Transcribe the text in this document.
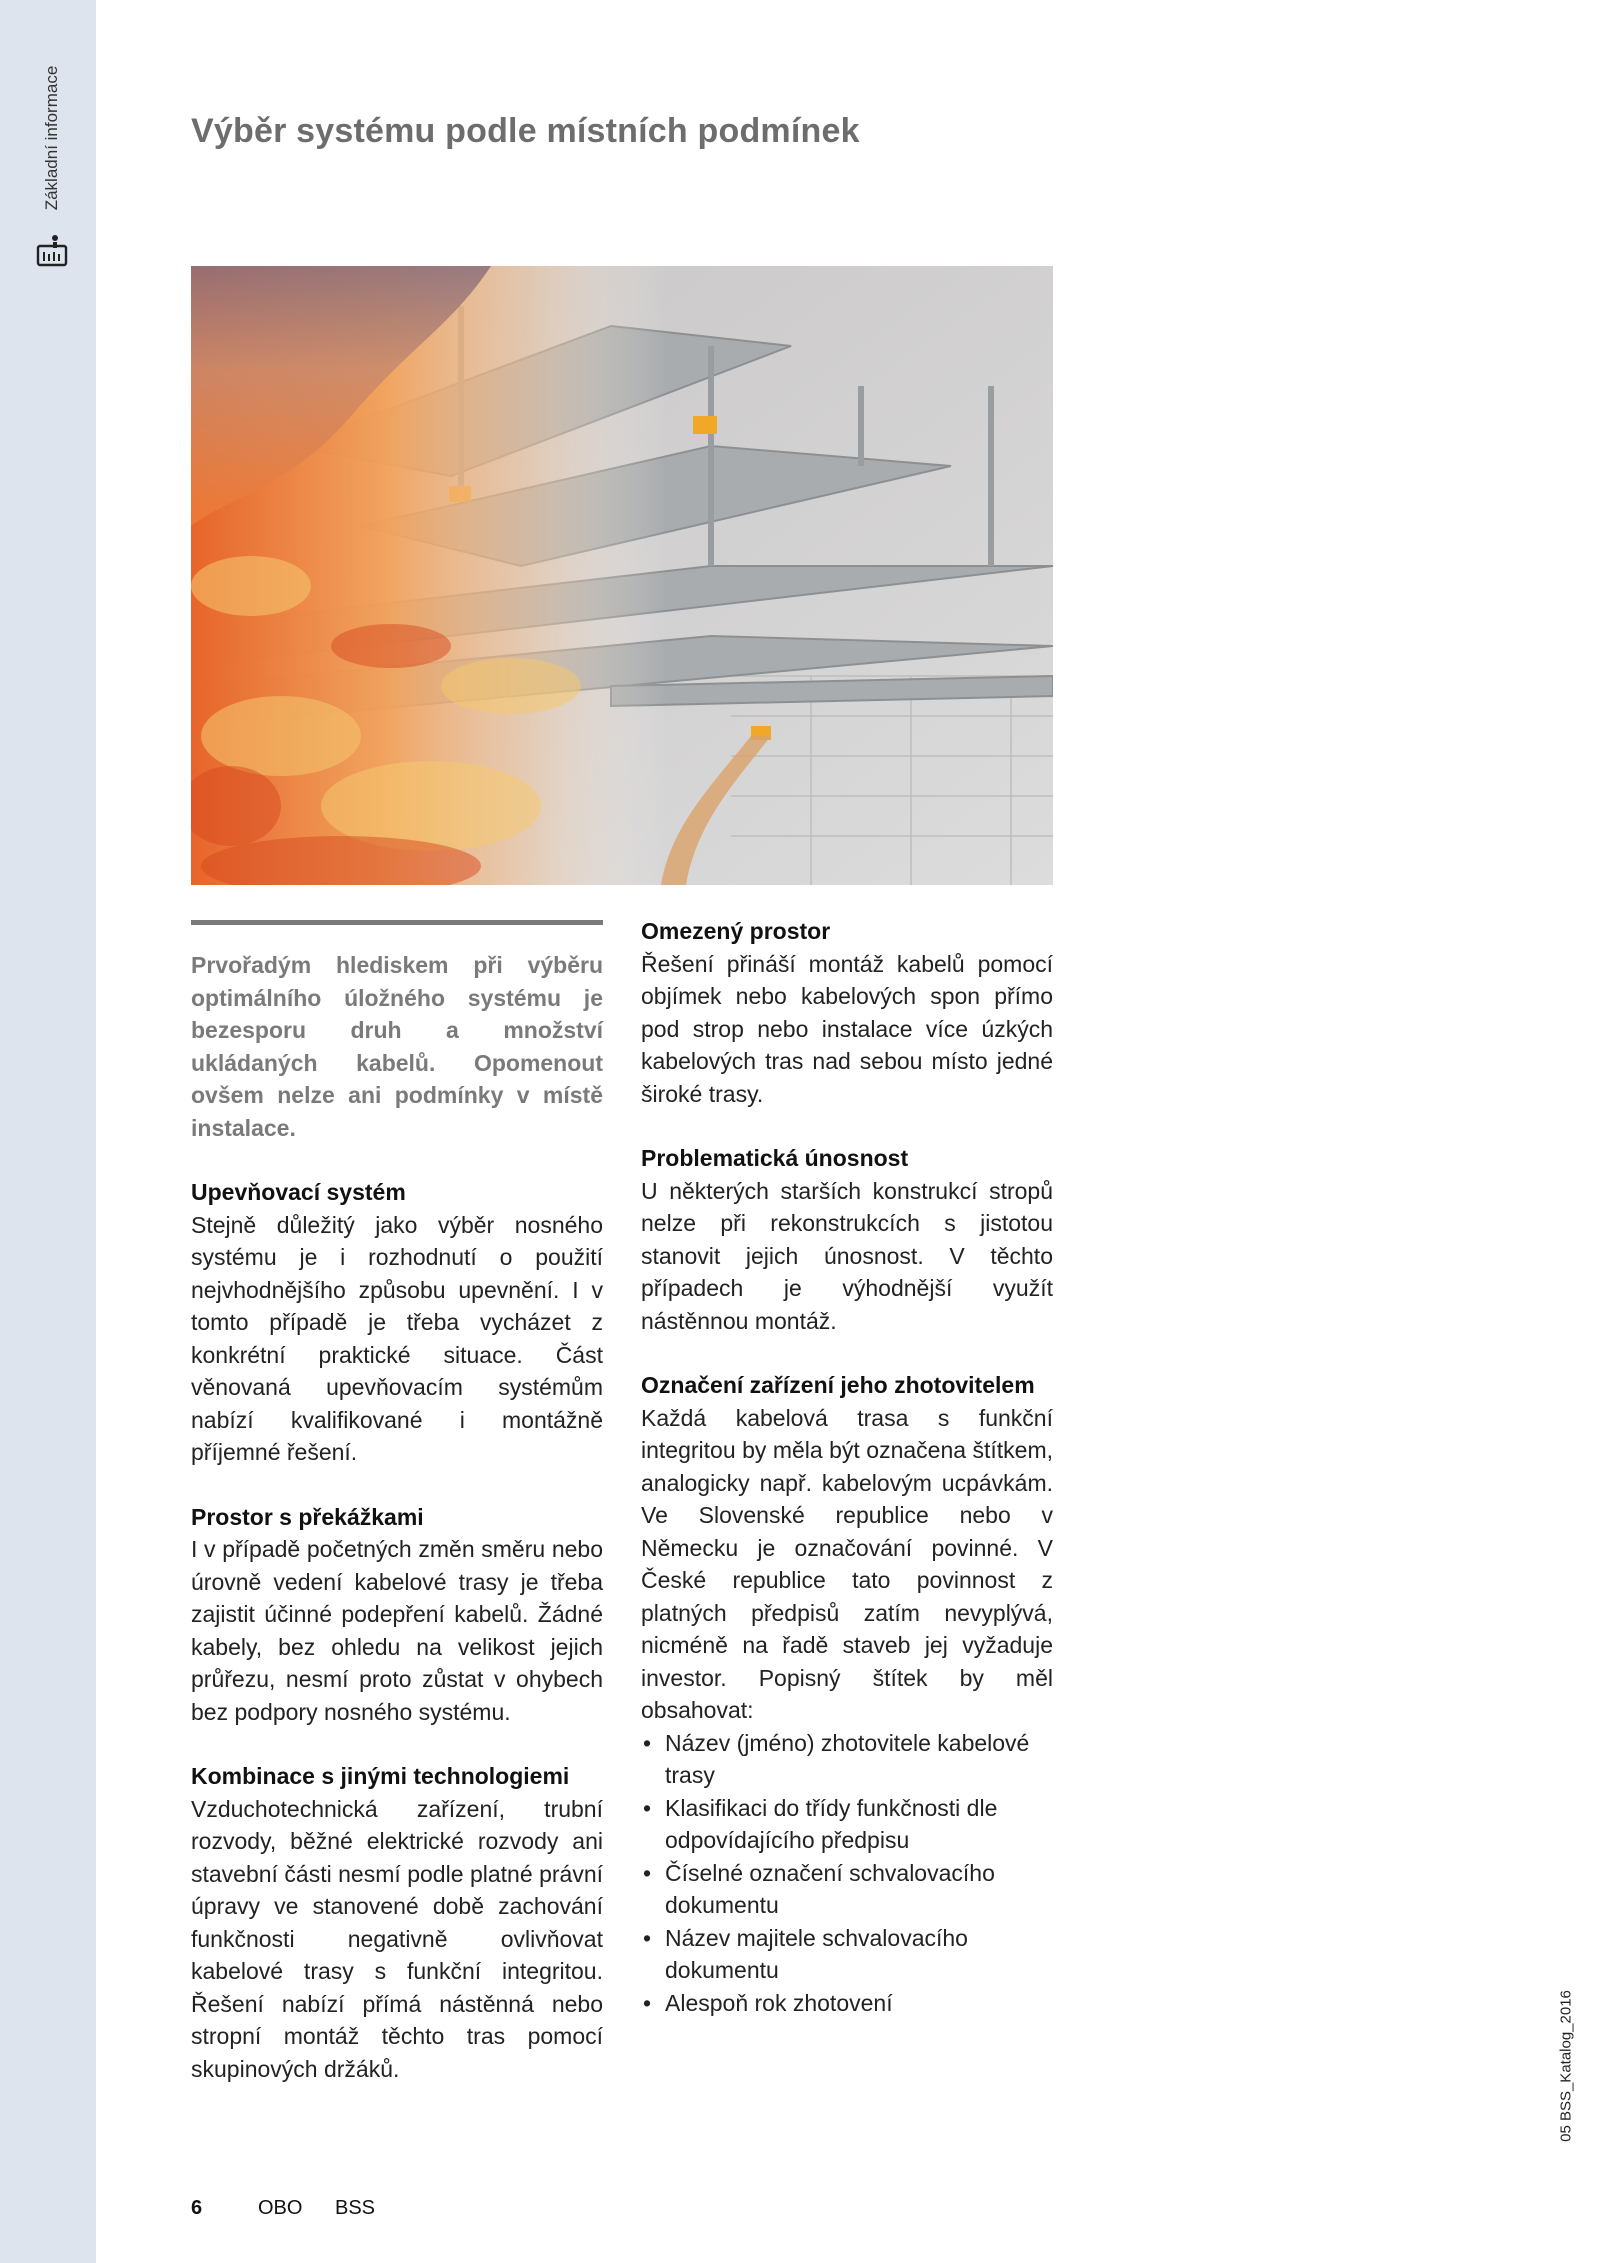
Základní informace	Výběr systému podle místních podmínek

Prvořadým hlediskem při výběru optimálního úložného systému je bezesporu druh a množství ukládaných kabelů. Opomenout ovšem nelze ani podmínky v místě instalace.

Upevňovací systém

Stejně důležitý jako výběr nosného systému je i rozhodnutí o použití nejvhodnějšího způsobu upevnění. I v tomto případě je třeba vycházet z konkrétní praktické situace. Část věnovaná upevňovacím systémům nabízí kvalifikované i montážně příjemné řešení.

Prostor s překážkami

I v případě početných změn směru nebo úrovně vedení kabelové trasy je třeba zajistit účinné podepření kabelů. Žádné kabely, bez ohledu na velikost jejich průřezu, nesmí proto zůstat v ohybech bez podpory nosného systému.

Kombinace s jinými technologiemi

Vzduchotechnická zařízení, trubní rozvody, běžné elektrické rozvody ani stavební části nesmí podle platné právní úpravy ve stanovené době zachování funkčnosti negativně ovlivňovat kabelové trasy s funkční integritou. Řešení nabízí přímá nástěnná nebo stropní montáž těchto tras pomocí skupinových držáků.

Omezený prostor

Řešení přináší montáž kabelů pomocí objímek nebo kabelových spon přímo pod strop nebo instalace více úzkých kabelových tras nad sebou místo jedné široké trasy.

Problematická únosnost

U některých starších konstrukcí stropů nelze při rekonstrukcích s jistotou stanovit jejich únosnost. V těchto případech je výhodnější využít nástěnnou montáž.

Označení zařízení jeho zhotovitelem

Každá kabelová trasa s funkční integritou by měla být označena štítkem, analogicky např. kabelovým ucpávkám. Ve Slovenské republice nebo v Německu je označování povinné. V České republice tato povinnost z platných předpisů zatím nevyplývá, nicméně na řadě staveb jej vyžaduje investor. Popisný štítek by měl obsahovat:

• Název (jméno) zhotovitele kabelové trasy
• Klasifikaci do třídy funkčnosti dle odpovídajícího předpisu
• Číselné označení schvalovacího dokumentu
• Název majitele schvalovacího dokumentu
• Alespoň rok zhotovení
6	OBO BSS
05 BSS_Katalog_2016
